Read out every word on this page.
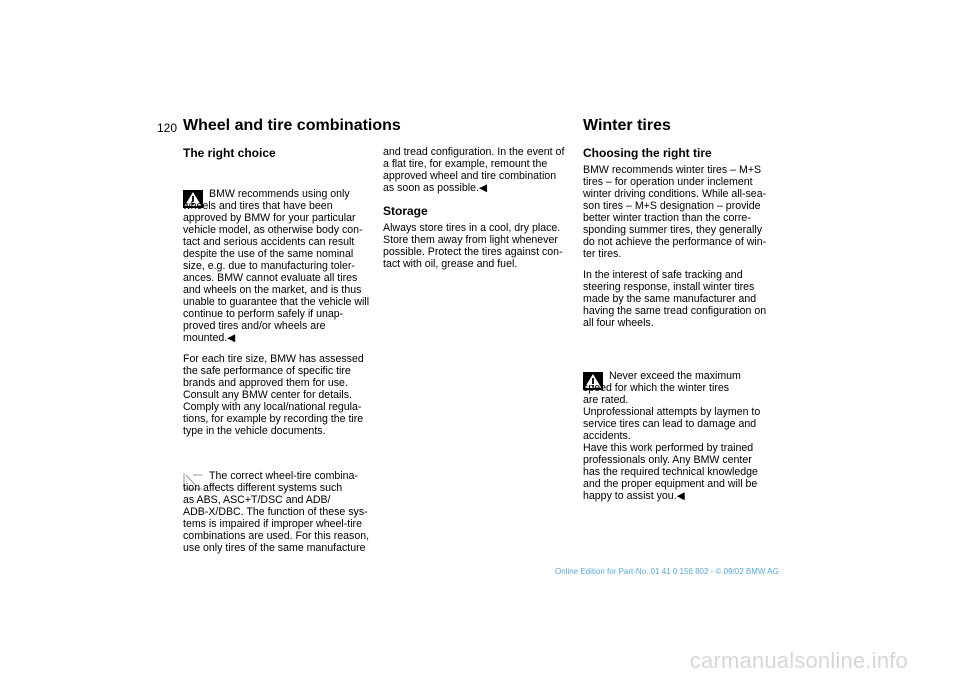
120 Wheel and tire combinations	Winter tires
The right choice

BMW recommends using only
wheels and tires that have been
approved by BMW for your particular
vehicle model, as otherwise body con-
tact and serious accidents can result
despite the use of the same nominal
size, e.g. due to manufacturing toler-
ances. BMW cannot evaluate all tires
and wheels on the market, and is thus
unable to guarantee that the vehicle will
continue to perform safely if unap-
proved tires and/or wheels are
mounted.◀

For each tire size, BMW has assessed
the safe performance of specific tire
brands and approved them for use.
Consult any BMW center for details.
Comply with any local/national regula-
tions, for example by recording the tire
type in the vehicle documents.

The correct wheel-tire combina-
tion affects different systems such
as ABS, ASC+T/DSC and ADB/
ADB-X/DBC. The function of these sys-
tems is impaired if improper wheel-tire
combinations are used. For this reason,
use only tires of the same manufacture

and tread configuration. In the event of
a flat tire, for example, remount the
approved wheel and tire combination
as soon as possible.◀
Storage
Always store tires in a cool, dry place.
Store them away from light whenever
possible. Protect the tires against con-
tact with oil, grease and fuel.
Choosing the right tire
BMW recommends winter tires – M+S
tires – for operation under inclement
winter driving conditions. While all-sea-
son tires – M+S designation – provide
better winter traction than the corre-
sponding summer tires, they generally
do not achieve the performance of win-
ter tires.
In the interest of safe tracking and
steering response, install winter tires
made by the same manufacturer and
having the same tread configuration on
all four wheels.

Never exceed the maximum
speed for which the winter tires
are rated.
Unprofessional attempts by laymen to
service tires can lead to damage and
accidents.
Have this work performed by trained
professionals only. Any BMW center
has the required technical knowledge
and the proper equipment and will be
happy to assist you.◀

Online Edition for Part-No. 01 41 0 156 802 - © 09/02 BMW AG
carmanualsonline.info
